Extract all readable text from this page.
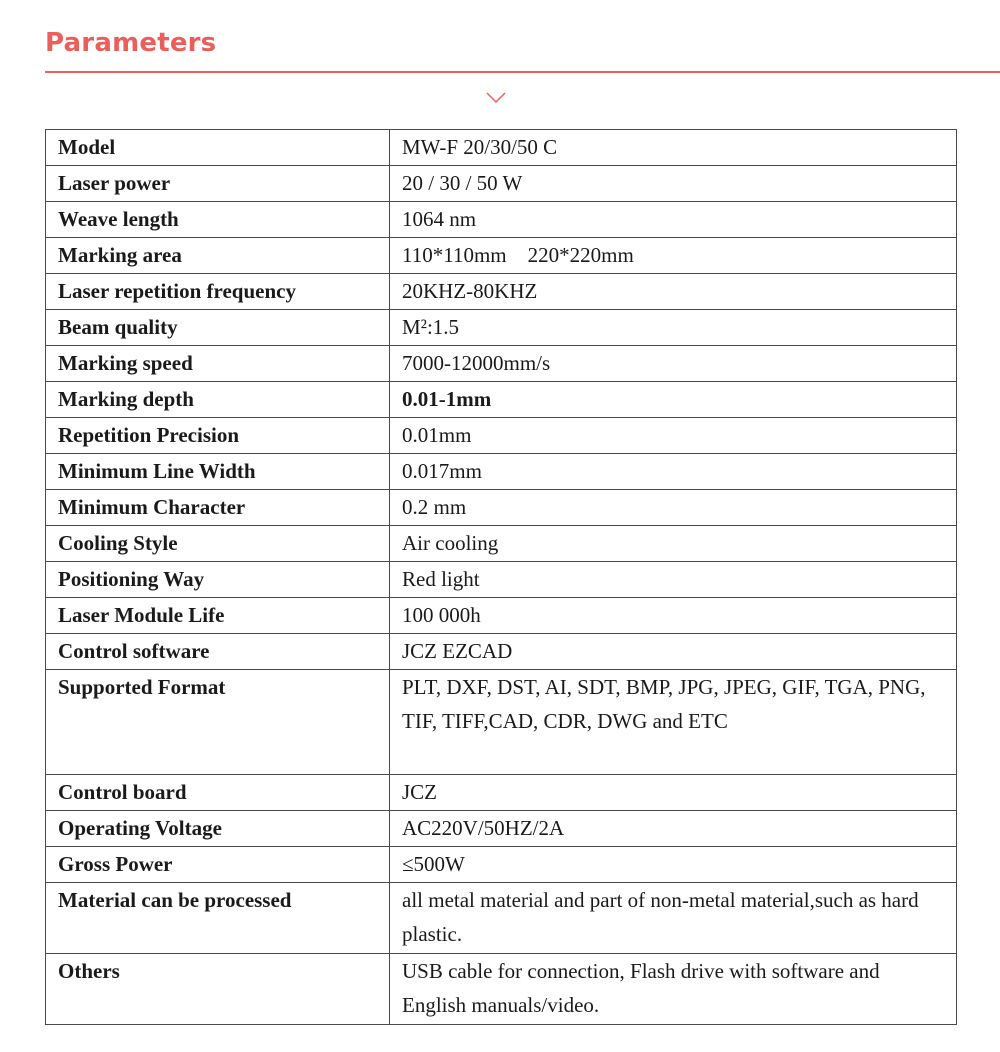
Parameters
Model	MW-F 20/30/50 C
Laser power	20 / 30 / 50 W
Weave length	1064 nm
Marking area	110*110mm    220*220mm
Laser repetition frequency	20KHZ-80KHZ
Beam quality	M²:1.5
Marking speed	7000-12000mm/s
Marking depth	0.01-1mm
Repetition Precision	0.01mm
Minimum Line Width	0.017mm
Minimum Character	0.2 mm
Cooling Style	Air cooling
Positioning Way	Red light
Laser Module Life	100 000h
Control software	JCZ EZCAD
Supported Format	PLT, DXF, DST, AI, SDT, BMP, JPG, JPEG, GIF, TGA, PNG, TIF, TIFF,CAD, CDR, DWG and ETC
Control board	JCZ
Operating Voltage	AC220V/50HZ/2A
Gross Power	≤500W
Material can be processed	all metal material and part of non-metal material,such as hard plastic.
Others	USB cable for connection, Flash drive with software and English manuals/video.
